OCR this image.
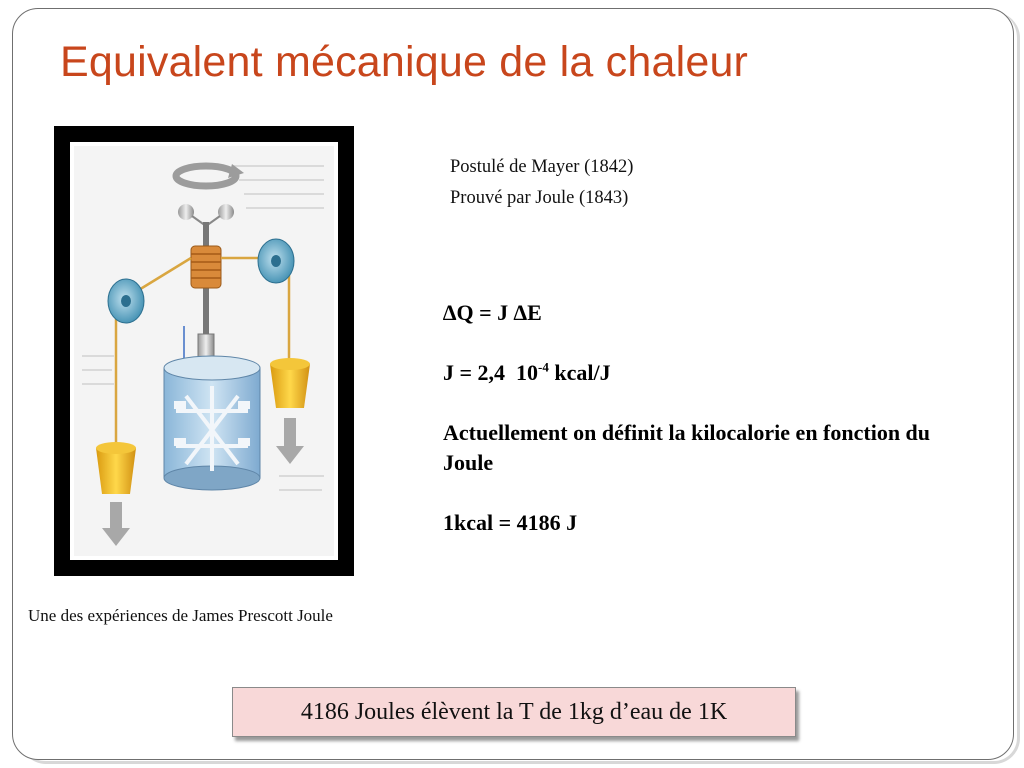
Equivalent mécanique de la chaleur
Une des expériences de James Prescott Joule
Postulé de Mayer (1842)
Prouvé par Joule (1843)

∆Q = J ∆E

J = 2,4  $10^{-4}$ kcal/J

Actuellement on définit la kilocalorie en fonction du Joule

1kcal = 4186 J

4186 Joules élèvent la T de 1kg d’eau de 1K
